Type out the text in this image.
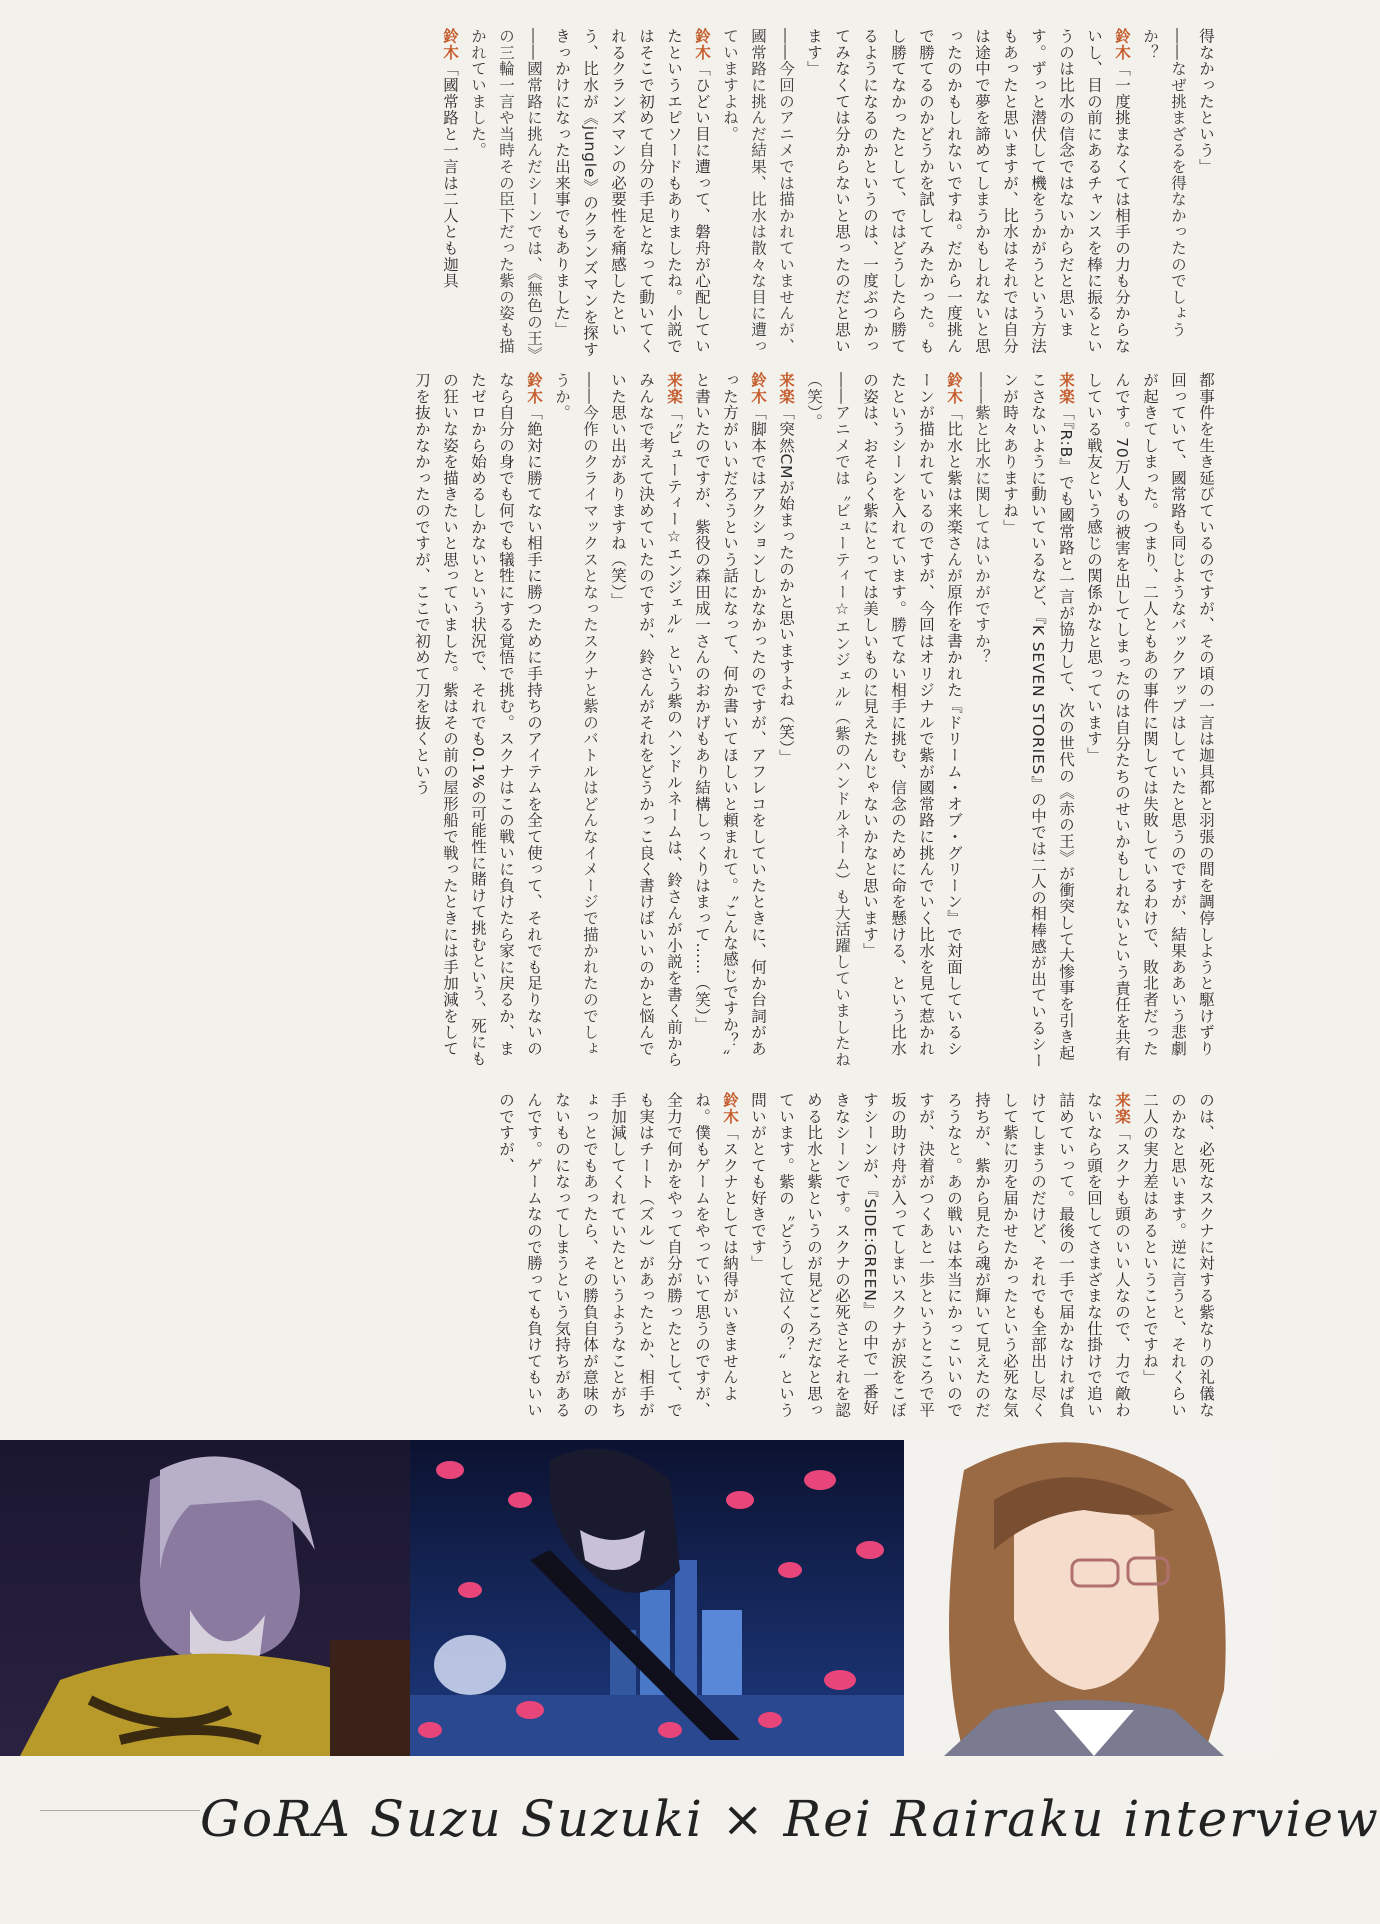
得なかったという」

――なぜ挑まざるを得なかったのでしょうか？

鈴木「一度挑まなくては相手の力も分からないし、目の前にあるチャンスを棒に振るというのは比水の信念ではないからだと思います。ずっと潜伏して機をうかがうという方法もあったと思いますが、比水はそれでは自分は途中で夢を諦めてしまうかもしれないと思ったのかもしれないですね。だから一度挑んで勝てるのかどうかを試してみたかった。もし勝てなかったとして、ではどうしたら勝てるようになるのかというのは、一度ぶつかってみなくては分からないと思ったのだと思います」

――今回のアニメでは描かれていませんが、國常路に挑んだ結果、比水は散々な目に遭っていますよね。

鈴木「ひどい目に遭って、磐舟が心配していたというエピソードもありましたね。小説ではそこで初めて自分の手足となって動いてくれるクランズマンの必要性を痛感したという、比水が《jungle》のクランズマンを探すきっかけになった出来事でもありました」

――國常路に挑んだシーンでは、《無色の王》の三輪一言や当時その臣下だった紫の姿も描かれていました。

鈴木「國常路と一言は二人とも迦具

都事件を生き延びているのですが、その頃の一言は迦具都と羽張の間を調停しようと駆けずり回っていて、國常路も同じようなバックアップはしていたと思うのですが、結果ああいう悲劇が起きてしまった。つまり、二人ともあの事件に関しては失敗しているわけで、敗北者だったんです。70万人もの被害を出してしまったのは自分たちのせいかもしれないという責任を共有している戦友という感じの関係かなと思っています」

来楽「『R:B』でも國常路と一言が協力して、次の世代の《赤の王》が衝突して大惨事を引き起こさないように動いているなど、『K SEVEN STORIES』の中では二人の相棒感が出ているシーンが時々ありますね」

――紫と比水に関してはいかがですか？

鈴木「比水と紫は来楽さんが原作を書かれた『ドリーム・オブ・グリーン』で対面しているシーンが描かれているのですが、今回はオリジナルで紫が國常路に挑んでいく比水を見て惹かれたというシーンを入れています。勝てない相手に挑む、信念のために命を懸ける、という比水の姿は、おそらく紫にとっては美しいものに見えたんじゃないかなと思います」

――アニメでは〝ビューティー☆エンジェル〟（紫のハンドルネーム）も大活躍していましたね（笑）。

来楽「突然CMが始まったのかと思いますよね（笑）」

鈴木「脚本ではアクションしかなかったのですが、アフレコをしていたときに、何か台詞があった方がいいだろうという話になって、何か書いてほしいと頼まれて。〝こんな感じですか？〟と書いたのですが、紫役の森田成一さんのおかげもあり結構しっくりはまって……（笑）」

来楽「〝ビューティー☆エンジェル〟という紫のハンドルネームは、鈴さんが小説を書く前からみんなで考えて決めていたのですが、鈴さんがそれをどうかっこ良く書けばいいのかと悩んでいた思い出がありますね（笑）」

――今作のクライマックスとなったスクナと紫のバトルはどんなイメージで描かれたのでしょうか。

鈴木「絶対に勝てない相手に勝つために手持ちのアイテムを全て使って、それでも足りないのなら自分の身でも何でも犠牲にする覚悟で挑む。スクナはこの戦いに負けたら家に戻るか、またゼロから始めるしかないという状況で、それでも0.1%の可能性に賭けて挑むという、死にもの狂いな姿を描きたいと思っていました。紫はその前の屋形船で戦ったときには手加減をして刀を抜かなかったのですが、ここで初めて刀を抜くという

のは、必死なスクナに対する紫なりの礼儀なのかなと思います。逆に言うと、それくらい二人の実力差はあるということですね」

来楽「スクナも頭のいい人なので、力で敵わないなら頭を回してさまざまな仕掛けで追い詰めていって。最後の一手で届かなければ負けてしまうのだけど、それでも全部出し尽くして紫に刃を届かせたかったという必死な気持ちが、紫から見たら魂が輝いて見えたのだろうなと。あの戦いは本当にかっこいいのですが、決着がつくあと一歩というところで平坂の助け舟が入ってしまいスクナが涙をこぼすシーンが、『SIDE:GREEN』の中で一番好きなシーンです。スクナの必死さとそれを認める比水と紫というのが見どころだなと思っています。紫の〝どうして泣くの？〟という問いがとても好きです」

鈴木「スクナとしては納得がいきませんよね。僕もゲームをやっていて思うのですが、全力で何かをやって自分が勝ったとして、でも実はチート（ズル）があったとか、相手が手加減してくれていたというようなことがちょっとでもあったら、その勝負自体が意味のないものになってしまうという気持ちがあるんです。ゲームなので勝っても負けてもいいのですが、

GoRA Suzu Suzuki × Rei Rairaku interview
